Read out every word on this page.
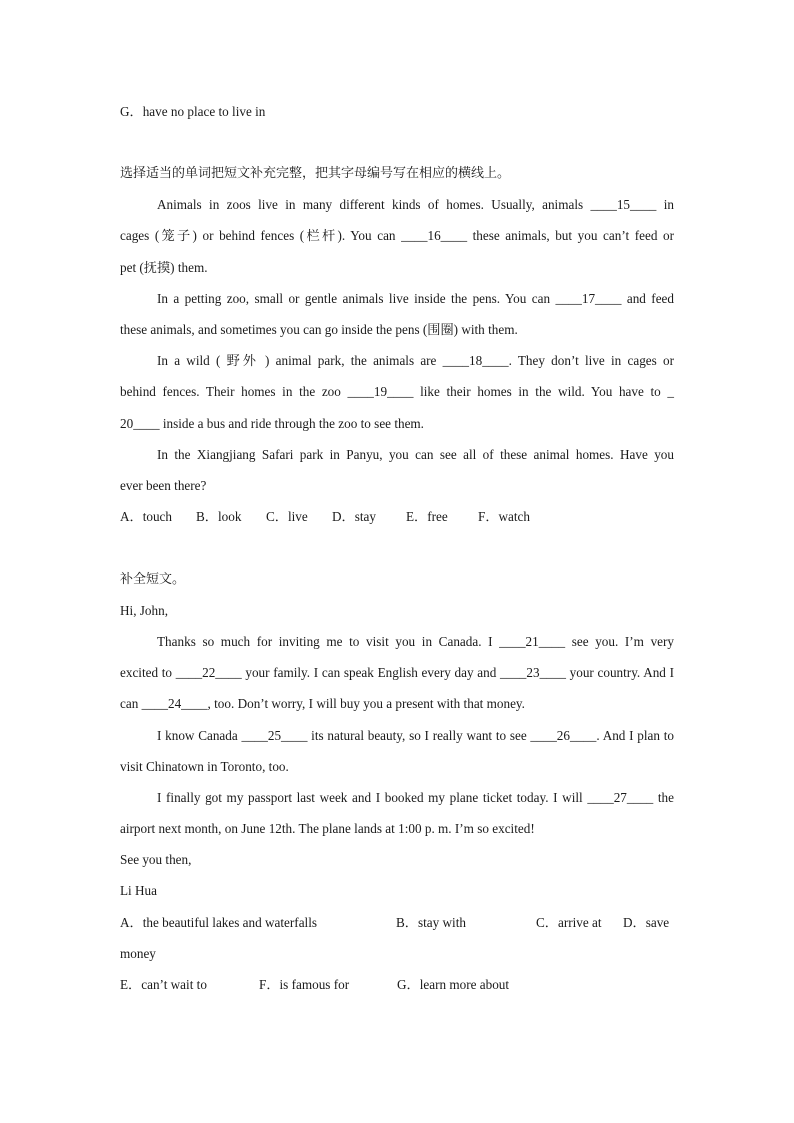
G．have no place to live in
选择适当的单词把短文补充完整，把其字母编号写在相应的横线上。
Animals in zoos live in many different kinds of homes. Usually, animals ____15____ in
cages (笼子) or behind fences (栏杆). You can ____16____ these animals, but you can’t feed or
pet (抚摸) them.
In a petting zoo, small or gentle animals live inside the pens. You can ____17____ and feed
these animals, and sometimes you can go inside the pens (围圈) with them.
In a wild ( 野外 ) animal park, the animals are ____18____. They don’t live in cages or
behind fences. Their homes in the zoo ____19____ like their homes in the wild. You have to _
20____ inside a bus and ride through the zoo to see them.
In the Xiangjiang Safari park in Panyu, you can see all of these animal homes. Have you
ever been there?
A．touch	B．look	C．live	D．stay	E．free	F．watch
补全短文。
Hi, John,
Thanks so much for inviting me to visit you in Canada. I ____21____ see you. I’m very
excited to ____22____ your family. I can speak English every day and ____23____ your country. And I
can ____24____, too. Don’t worry, I will buy you a present with that money.
I know Canada ____25____ its natural beauty, so I really want to see ____26____. And I plan to
visit Chinatown in Toronto, too.
I finally got my passport last week and I booked my plane ticket today. I will ____27____ the
airport next month, on June 12th. The plane lands at 1:00 p. m. I’m so excited!
See you then,
Li Hua
A．the beautiful lakes and waterfalls	B．stay with	C．arrive at	D．save
money
E．can’t wait to	F．is famous for	G．learn more about
